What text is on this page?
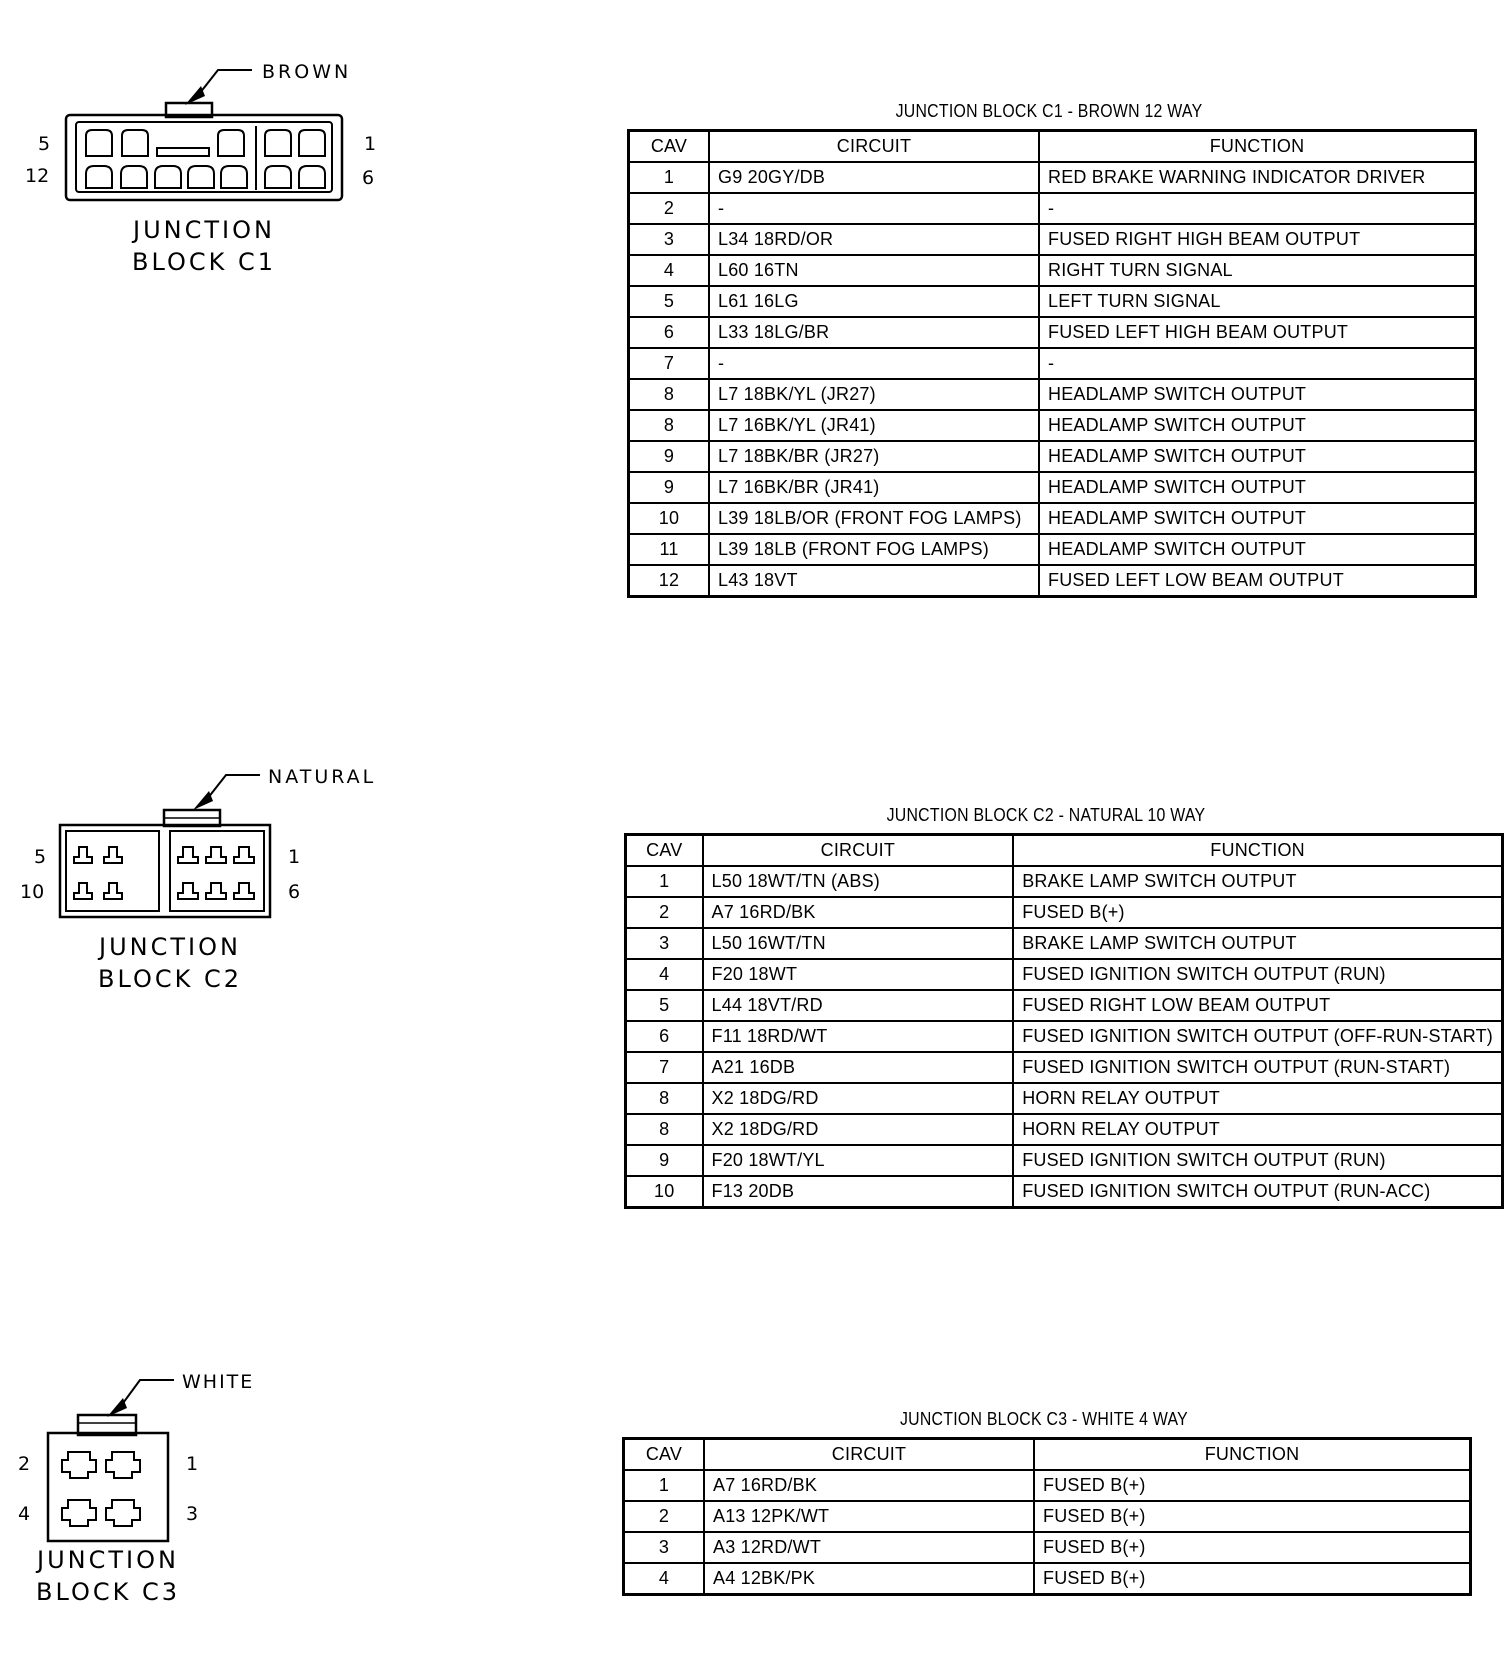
BROWN
5
12
1
6
JUNCTION
BLOCK C1
JUNCTION BLOCK C1 - BROWN 12 WAY
CAV	CIRCUIT	FUNCTION
1	G9 20GY/DB	RED BRAKE WARNING INDICATOR DRIVER
2	-	-
3	L34 18RD/OR	FUSED RIGHT HIGH BEAM OUTPUT
4	L60 16TN	RIGHT TURN SIGNAL
5	L61 16LG	LEFT TURN SIGNAL
6	L33 18LG/BR	FUSED LEFT HIGH BEAM OUTPUT
7	-	-
8	L7 18BK/YL (JR27)	HEADLAMP SWITCH OUTPUT
8	L7 16BK/YL (JR41)	HEADLAMP SWITCH OUTPUT
9	L7 18BK/BR (JR27)	HEADLAMP SWITCH OUTPUT
9	L7 16BK/BR (JR41)	HEADLAMP SWITCH OUTPUT
10	L39 18LB/OR (FRONT FOG LAMPS)	HEADLAMP SWITCH OUTPUT
11	L39 18LB (FRONT FOG LAMPS)	HEADLAMP SWITCH OUTPUT
12	L43 18VT	FUSED LEFT LOW BEAM OUTPUT
NATURAL
5
10
1
6
JUNCTION
BLOCK C2
JUNCTION BLOCK C2 - NATURAL 10 WAY
CAV	CIRCUIT	FUNCTION
1	L50 18WT/TN (ABS)	BRAKE LAMP SWITCH OUTPUT
2	A7 16RD/BK	FUSED B(+)
3	L50 16WT/TN	BRAKE LAMP SWITCH OUTPUT
4	F20 18WT	FUSED IGNITION SWITCH OUTPUT (RUN)
5	L44 18VT/RD	FUSED RIGHT LOW BEAM OUTPUT
6	F11 18RD/WT	FUSED IGNITION SWITCH OUTPUT (OFF-RUN-START)
7	A21 16DB	FUSED IGNITION SWITCH OUTPUT (RUN-START)
8	X2 18DG/RD	HORN RELAY OUTPUT
8	X2 18DG/RD	HORN RELAY OUTPUT
9	F20 18WT/YL	FUSED IGNITION SWITCH OUTPUT (RUN)
10	F13 20DB	FUSED IGNITION SWITCH OUTPUT (RUN-ACC)
WHITE
2
4
1
3
JUNCTION
BLOCK C3
JUNCTION BLOCK C3 - WHITE 4 WAY
CAV	CIRCUIT	FUNCTION
1	A7 16RD/BK	FUSED B(+)
2	A13 12PK/WT	FUSED B(+)
3	A3 12RD/WT	FUSED B(+)
4	A4 12BK/PK	FUSED B(+)
